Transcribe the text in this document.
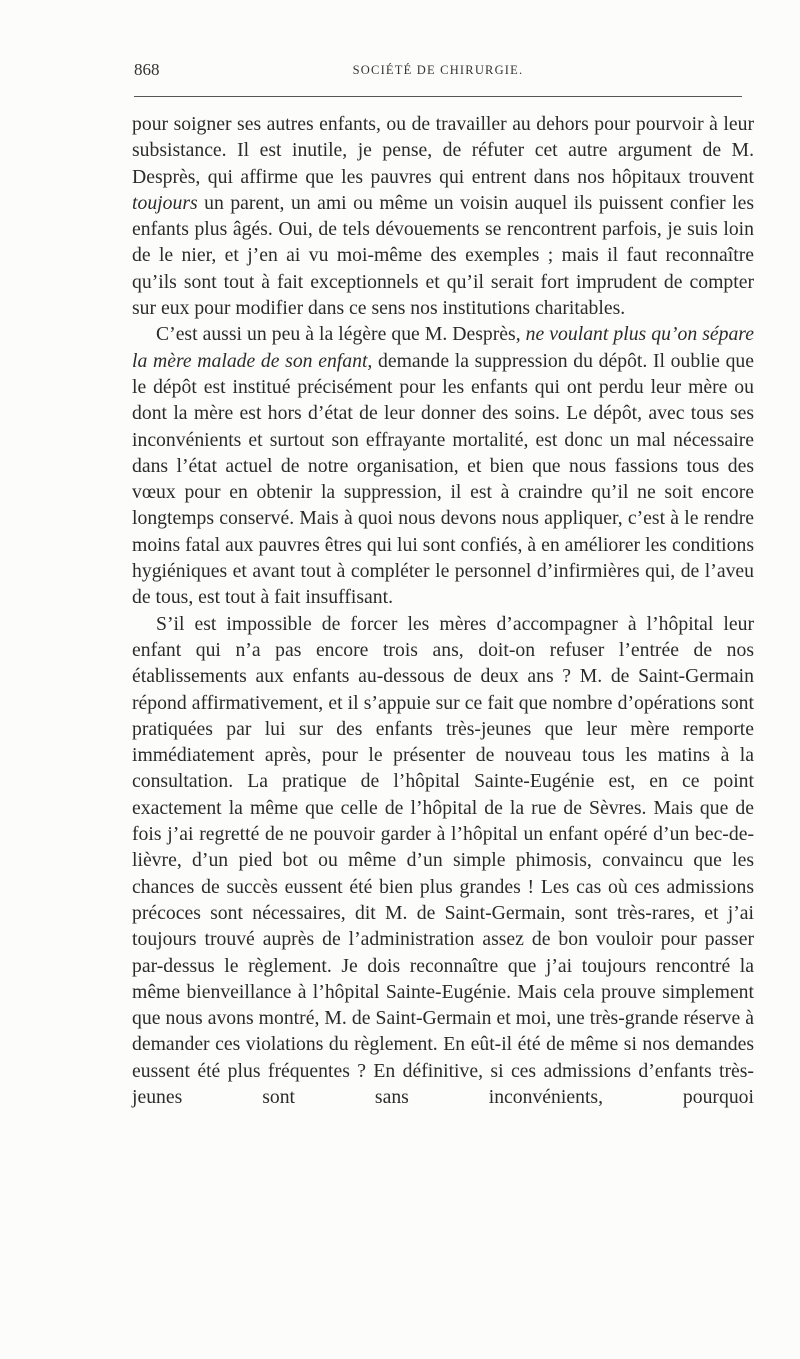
868	SOCIÉTÉ DE CHIRURGIE.

pour soigner ses autres enfants, ou de travailler au dehors pour pourvoir à leur subsistance. Il est inutile, je pense, de réfuter cet autre argument de M. Desprès, qui affirme que les pauvres qui entrent dans nos hôpitaux trouvent toujours un parent, un ami ou même un voisin auquel ils puissent confier les enfants plus âgés. Oui, de tels dévouements se rencontrent parfois, je suis loin de le nier, et j’en ai vu moi-même des exemples ; mais il faut reconnaître qu’ils sont tout à fait exceptionnels et qu’il serait fort imprudent de compter sur eux pour modifier dans ce sens nos institutions charitables.

C’est aussi un peu à la légère que M. Desprès, ne voulant plus qu’on sépare la mère malade de son enfant, demande la suppression du dépôt. Il oublie que le dépôt est institué précisément pour les enfants qui ont perdu leur mère ou dont la mère est hors d’état de leur donner des soins. Le dépôt, avec tous ses inconvénients et surtout son effrayante mortalité, est donc un mal nécessaire dans l’état actuel de notre organisation, et bien que nous fassions tous des vœux pour en obtenir la suppression, il est à craindre qu’il ne soit encore longtemps conservé. Mais à quoi nous devons nous appliquer, c’est à le rendre moins fatal aux pauvres êtres qui lui sont confiés, à en améliorer les conditions hygiéniques et avant tout à compléter le personnel d’infirmières qui, de l’aveu de tous, est tout à fait insuffisant.

S’il est impossible de forcer les mères d’accompagner à l’hôpital leur enfant qui n’a pas encore trois ans, doit-on refuser l’entrée de nos établissements aux enfants au-dessous de deux ans ? M. de Saint-Germain répond affirmativement, et il s’appuie sur ce fait que nombre d’opérations sont pratiquées par lui sur des enfants très-jeunes que leur mère remporte immédiatement après, pour le présenter de nouveau tous les matins à la consultation. La pratique de l’hôpital Sainte-Eugénie est, en ce point exactement la même que celle de l’hôpital de la rue de Sèvres. Mais que de fois j’ai regretté de ne pouvoir garder à l’hôpital un enfant opéré d’un bec-de-lièvre, d’un pied bot ou même d’un simple phimosis, convaincu que les chances de succès eussent été bien plus grandes ! Les cas où ces admissions précoces sont nécessaires, dit M. de Saint-Germain, sont très-rares, et j’ai toujours trouvé auprès de l’administration assez de bon vouloir pour passer par-dessus le règlement. Je dois reconnaître que j’ai toujours rencontré la même bienveillance à l’hôpital Sainte-Eugénie. Mais cela prouve simplement que nous avons montré, M. de Saint-Germain et moi, une très-grande réserve à demander ces violations du règlement. En eût-il été de même si nos demandes eussent été plus fréquentes ? En définitive, si ces admissions d’enfants très-jeunes sont sans inconvénients, pourquoi
